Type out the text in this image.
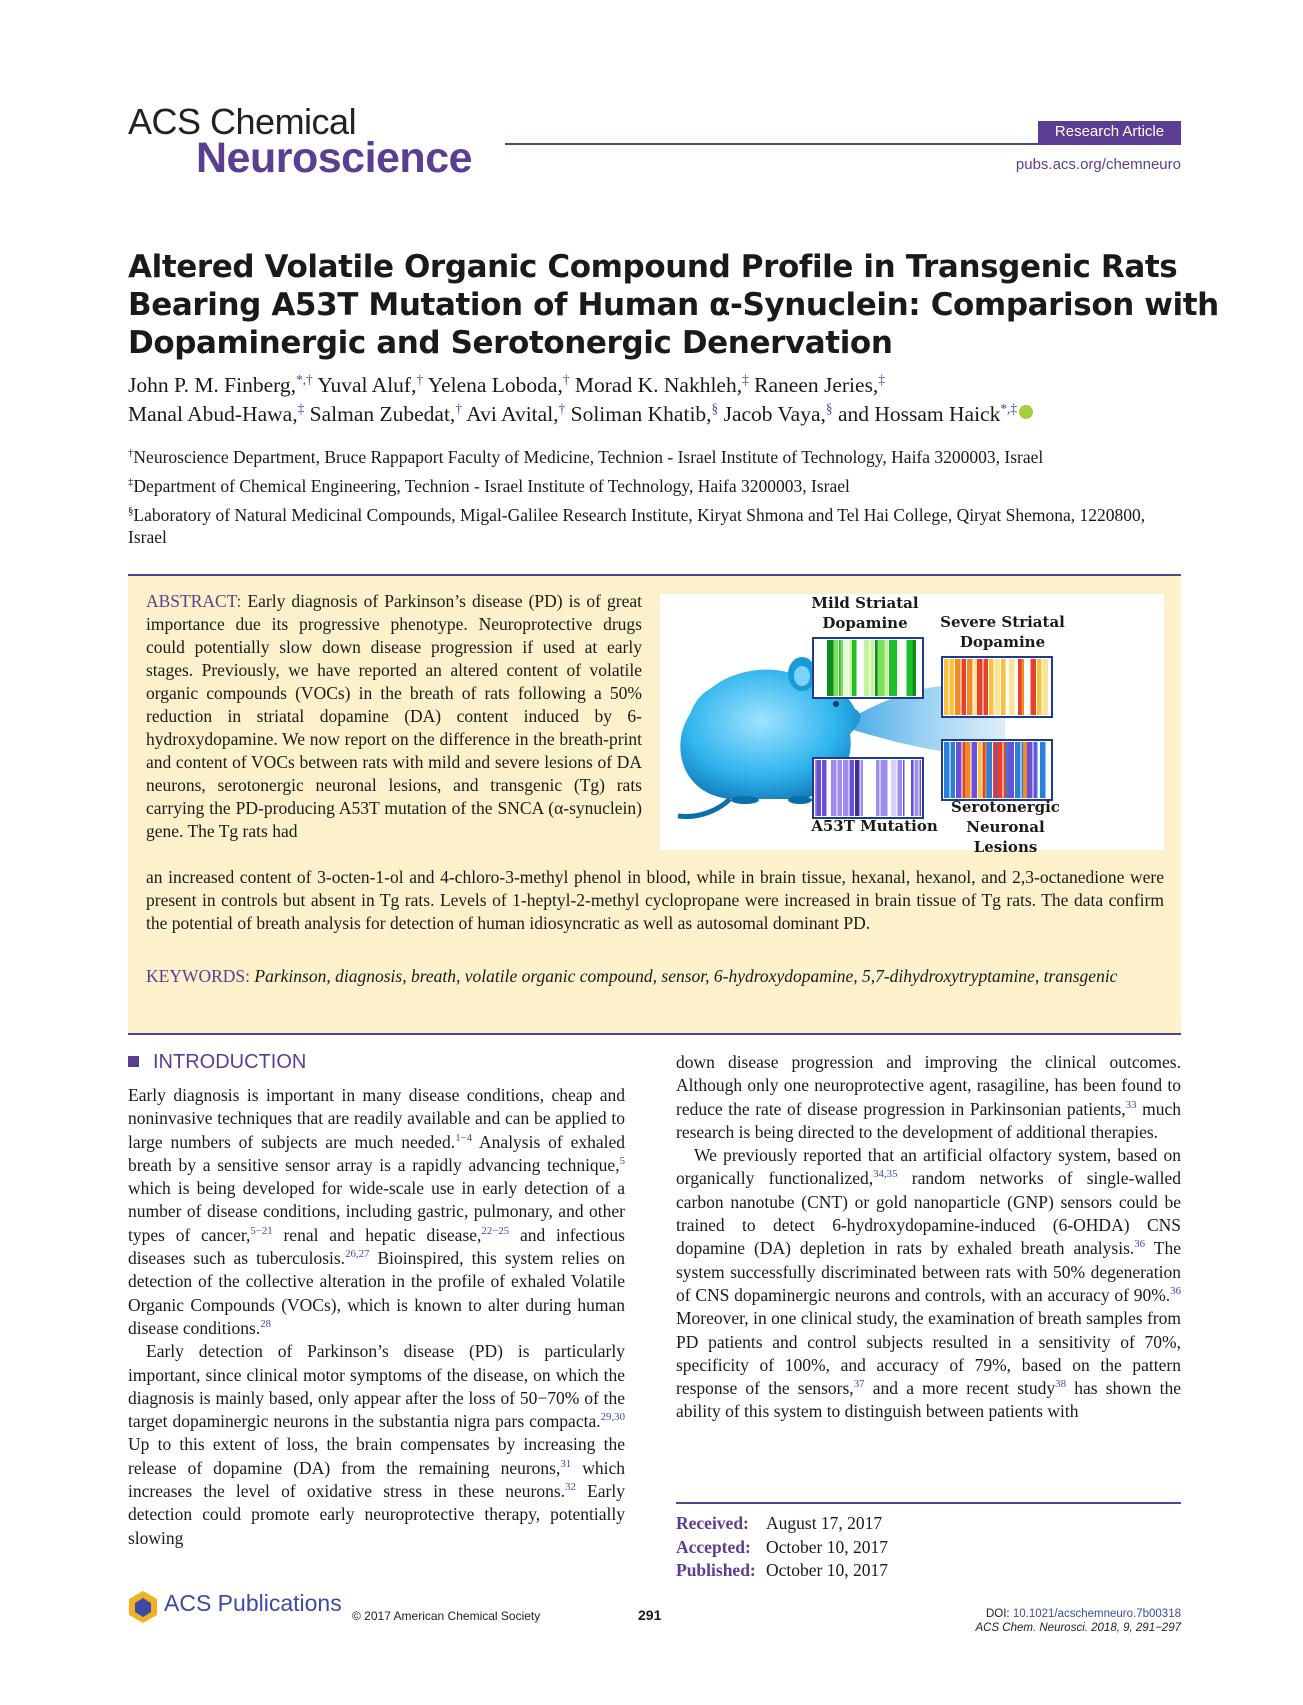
ACS Chemical
Neuroscience
Research Article
pubs.acs.org/chemneuro
Altered Volatile Organic Compound Profile in Transgenic Rats
Bearing A53T Mutation of Human α-Synuclein: Comparison with
Dopaminergic and Serotonergic Denervation
John P. M. Finberg,*,† Yuval Aluf,† Yelena Loboda,† Morad K. Nakhleh,‡ Raneen Jeries,‡
Manal Abud-Hawa,‡ Salman Zubedat,† Avi Avital,† Soliman Khatib,§ Jacob Vaya,§ and Hossam Haick*,‡
†Neuroscience Department, Bruce Rappaport Faculty of Medicine, Technion - Israel Institute of Technology, Haifa 3200003, Israel
‡Department of Chemical Engineering, Technion - Israel Institute of Technology, Haifa 3200003, Israel
§Laboratory of Natural Medicinal Compounds, Migal-Galilee Research Institute, Kiryat Shmona and Tel Hai College, Qiryat Shemona, 1220800, Israel
ABSTRACT: Early diagnosis of Parkinson’s disease (PD) is of great importance due its progressive phenotype. Neuroprotective drugs could potentially slow down disease progression if used at early stages. Previously, we have reported an altered content of volatile organic compounds (VOCs) in the breath of rats following a 50% reduction in striatal dopamine (DA) content induced by 6-hydroxydopamine. We now report on the difference in the breath-print and content of VOCs between rats with mild and severe lesions of DA neurons, serotonergic neuronal lesions, and transgenic (Tg) rats carrying the PD-producing A53T mutation of the SNCA (α-synuclein) gene. The Tg rats had
an increased content of 3-octen-1-ol and 4-chloro-3-methyl phenol in blood, while in brain tissue, hexanal, hexanol, and 2,3-octanedione were present in controls but absent in Tg rats. Levels of 1-heptyl-2-methyl cyclopropane were increased in brain tissue of Tg rats. The data confirm the potential of breath analysis for detection of human idiosyncratic as well as autosomal dominant PD.
KEYWORDS: Parkinson, diagnosis, breath, volatile organic compound, sensor, 6-hydroxydopamine, 5,7-dihydroxytryptamine, transgenic
Mild Striatal
Dopamine	Severe Striatal
Dopamine
A53T Mutation
Serotonergic
Neuronal Lesions
INTRODUCTION

Early diagnosis is important in many disease conditions, cheap and noninvasive techniques that are readily available and can be applied to large numbers of subjects are much needed.$^{1-4}$ Analysis of exhaled breath by a sensitive sensor array is a rapidly advancing technique,$^5$ which is being developed for wide-scale use in early detection of a number of disease conditions, including gastric, pulmonary, and other types of cancer,$^{5-21}$ renal and hepatic disease,$^{22-25}$ and infectious diseases such as tuberculosis.$^{26,27}$ Bioinspired, this system relies on detection of the collective alteration in the profile of exhaled Volatile Organic Compounds (VOCs), which is known to alter during human disease conditions.$^{28}$

Early detection of Parkinson’s disease (PD) is particularly important, since clinical motor symptoms of the disease, on which the diagnosis is mainly based, only appear after the loss of 50−70% of the target dopaminergic neurons in the substantia nigra pars compacta.$^{29,30}$ Up to this extent of loss, the brain compensates by increasing the release of dopamine (DA) from the remaining neurons,$^{31}$ which increases the level of oxidative stress in these neurons.$^{32}$ Early detection could promote early neuroprotective therapy, potentially slowing

down disease progression and improving the clinical outcomes. Although only one neuroprotective agent, rasagiline, has been found to reduce the rate of disease progression in Parkinsonian patients,$^{33}$ much research is being directed to the development of additional therapies.

We previously reported that an artificial olfactory system, based on organically functionalized,$^{34,35}$ random networks of single-walled carbon nanotube (CNT) or gold nanoparticle (GNP) sensors could be trained to detect 6-hydroxydopamine-induced (6-OHDA) CNS dopamine (DA) depletion in rats by exhaled breath analysis.$^{36}$ The system successfully discriminated between rats with 50% degeneration of CNS dopaminergic neurons and controls, with an accuracy of 90%.$^{36}$ Moreover, in one clinical study, the examination of breath samples from PD patients and control subjects resulted in a sensitivity of 70%, specificity of 100%, and accuracy of 79%, based on the pattern response of the sensors,$^{37}$ and a more recent study$^{38}$ has shown the ability of this system to distinguish between patients with

Received: August 17, 2017
Accepted: October 10, 2017
Published: October 10, 2017
ACS Publications © 2017 American Chemical Society	291	DOI: 10.1021/acschemneuro.7b00318
ACS Chem. Neurosci. 2018, 9, 291−297
